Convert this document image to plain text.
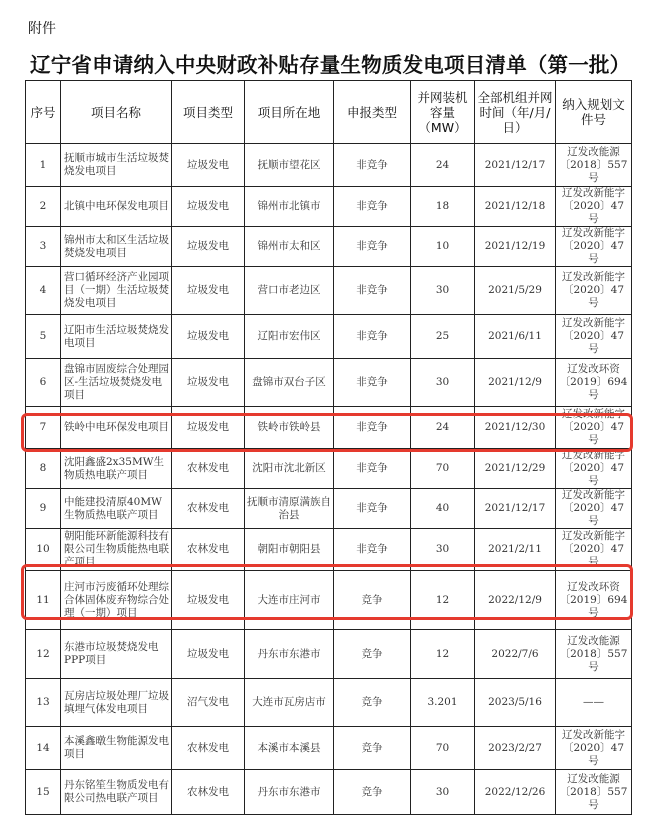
附件
辽宁省申请纳入中央财政补贴存量生物质发电项目清单（第一批）
序号	项目名称	项目类型	项目所在地	申报类型	并网装机容量（MW）	全部机组并网时间（年/月/日）	纳入规划文件号
1	抚顺市城市生活垃圾焚烧发电项目	垃圾发电	抚顺市望花区	非竞争	24	2021/12/17	辽发改能源〔2018〕557号
2	北镇中电环保发电项目	垃圾发电	锦州市北镇市	非竞争	18	2021/12/18	辽发改新能字〔2020〕47号
3	锦州市太和区生活垃圾焚烧发电项目	垃圾发电	锦州市太和区	非竞争	10	2021/12/19	辽发改新能字〔2020〕47号
4	营口循环经济产业园项目（一期）生活垃圾焚烧发电项目	垃圾发电	营口市老边区	非竞争	30	2021/5/29	辽发改新能字〔2020〕47号
5	辽阳市生活垃圾焚烧发电项目	垃圾发电	辽阳市宏伟区	非竞争	25	2021/6/11	辽发改新能字〔2020〕47号
6	盘锦市固废综合处理园区-生活垃圾焚烧发电项目	垃圾发电	盘锦市双台子区	非竞争	30	2021/12/9	辽发改环资〔2019〕694号
7	铁岭中电环保发电项目	垃圾发电	铁岭市铁岭县	非竞争	24	2021/12/30	辽发改新能字〔2020〕47号
8	沈阳鑫盛2x35MW生物质热电联产项目	农林发电	沈阳市沈北新区	非竞争	70	2021/12/29	辽发改新能字〔2020〕47号
9	中能建投清原40MW生物质热电联产项目	农林发电	抚顺市清原满族自治县	非竞争	40	2021/12/17	辽发改新能字〔2020〕47号
10	朝阳能环新能源科技有限公司生物质能热电联产项目	农林发电	朝阳市朝阳县	非竞争	30	2021/2/11	辽发改新能字〔2020〕47号
11	庄河市污废循环处理综合体固体废弃物综合处理（一期）项目	垃圾发电	大连市庄河市	竞争	12	2022/12/9	辽发改环资〔2019〕694号
12	东港市垃圾焚烧发电PPP项目	垃圾发电	丹东市东港市	竞争	12	2022/7/6	辽发改能源〔2018〕557号
13	瓦房店垃圾处理厂垃圾填埋气体发电项目	沼气发电	大连市瓦房店市	竞争	3.201	2023/5/16	——
14	本溪鑫暾生物能源发电项目	农林发电	本溪市本溪县	竞争	70	2023/2/27	辽发改新能字〔2020〕47号
15	丹东铭笙生物质发电有限公司热电联产项目	农林发电	丹东市东港市	竞争	30	2022/12/26	辽发改能源〔2018〕557号
